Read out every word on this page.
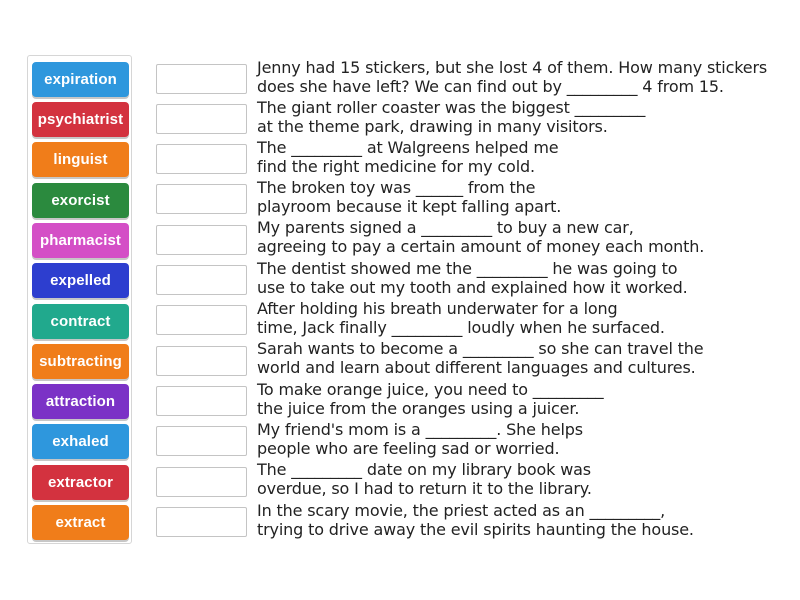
expiration
psychiatrist
linguist
exorcist
pharmacist
expelled
contract
subtracting
attraction
exhaled
extractor
extract
Jenny had 15 stickers, but she lost 4 of them. How many stickers
does she have left? We can find out by _________ 4 from 15.
The giant roller coaster was the biggest _________
at the theme park, drawing in many visitors.
The _________ at Walgreens helped me
find the right medicine for my cold.
The broken toy was ______ from the
playroom because it kept falling apart.
My parents signed a _________ to buy a new car,
agreeing to pay a certain amount of money each month.
The dentist showed me the _________ he was going to
use to take out my tooth and explained how it worked.
After holding his breath underwater for a long
time, Jack finally _________ loudly when he surfaced.
Sarah wants to become a _________ so she can travel the
world and learn about different languages and cultures.
To make orange juice, you need to _________
the juice from the oranges using a juicer.
My friend's mom is a _________. She helps
people who are feeling sad or worried.
The _________ date on my library book was
overdue, so I had to return it to the library.
In the scary movie, the priest acted as an _________,
trying to drive away the evil spirits haunting the house.
